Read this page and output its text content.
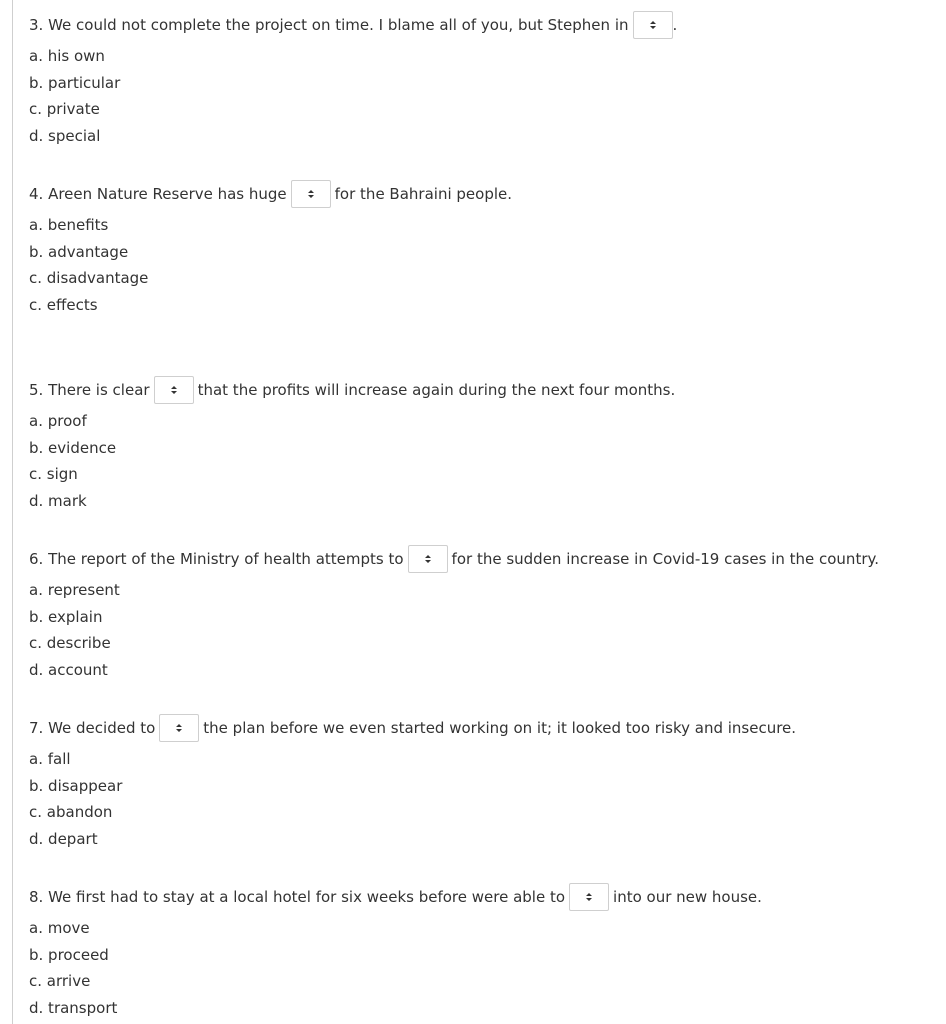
3. We could not complete the project on time. I blame all of you, but Stephen in	.
a. his own
b. particular
c. private
d. special
4. Areen Nature Reserve has huge	for the Bahraini people.
a. benefits
b. advantage
c. disadvantage
c. effects
5. There is clear	that the profits will increase again during the next four months.
a. proof
b. evidence
c. sign
d. mark
6. The report of the Ministry of health attempts to	for the sudden increase in Covid-19 cases in the country.
a. represent
b. explain
c. describe
d. account
7. We decided to	the plan before we even started working on it; it looked too risky and insecure.
a. fall
b. disappear
c. abandon
d. depart
8. We first had to stay at a local hotel for six weeks before were able to	into our new house.
a. move
b. proceed
c. arrive
d. transport
